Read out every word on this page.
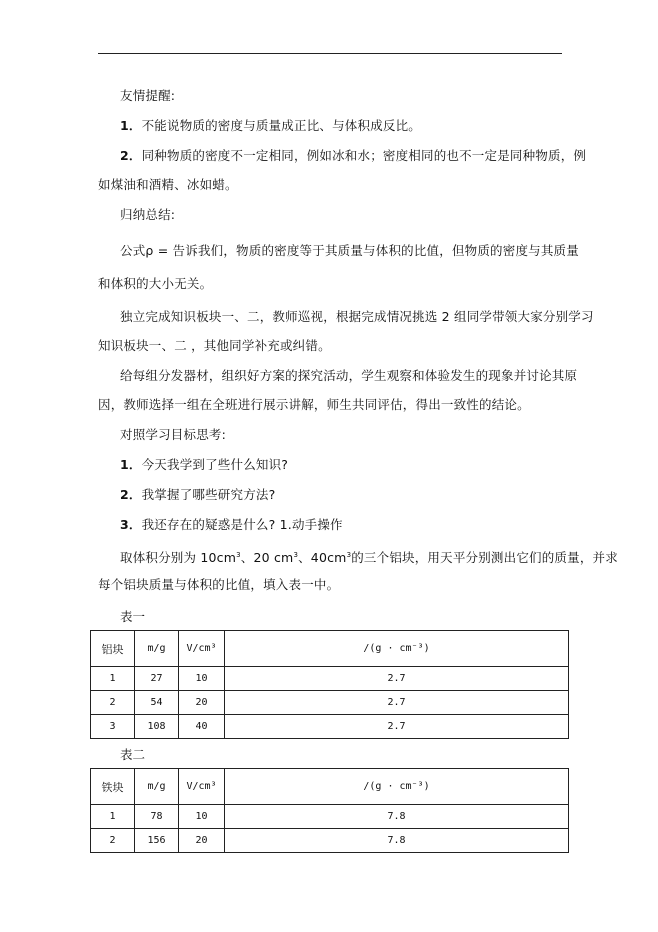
友情提醒:
1．不能说物质的密度与质量成正比、与体积成反比。
2．同种物质的密度不一定相同，例如冰和水；密度相同的也不一定是同种物质，例
如煤油和酒精、冰如蜡。
归纳总结:
公式ρ = 告诉我们，物质的密度等于其质量与体积的比值，但物质的密度与其质量
和体积的大小无关。
独立完成知识板块一、二，教师巡视，根据完成情况挑选 2 组同学带领大家分别学习
知识板块一、二 ，其他同学补充或纠错。
给每组分发器材，组织好方案的探究活动，学生观察和体验发生的现象并讨论其原
因，教师选择一组在全班进行展示讲解，师生共同评估，得出一致性的结论。
对照学习目标思考:
1．今天我学到了些什么知识?
2．我掌握了哪些研究方法?
3．我还存在的疑惑是什么? 1.动手操作
取体积分别为 $10cm^3$、20 $cm^3$、$40cm^3$的三个铝块，用天平分别测出它们的质量，并求
每个铝块质量与体积的比值，填入表一中。
表一
铝块	m/g	V/cm³	/(g · cm⁻³)
1	27	10	2.7
2	54	20	2.7
3	108	40	2.7
表二
铁块	m/g	V/cm³	/(g · cm⁻³)
1	78	10	7.8
2	156	20	7.8
